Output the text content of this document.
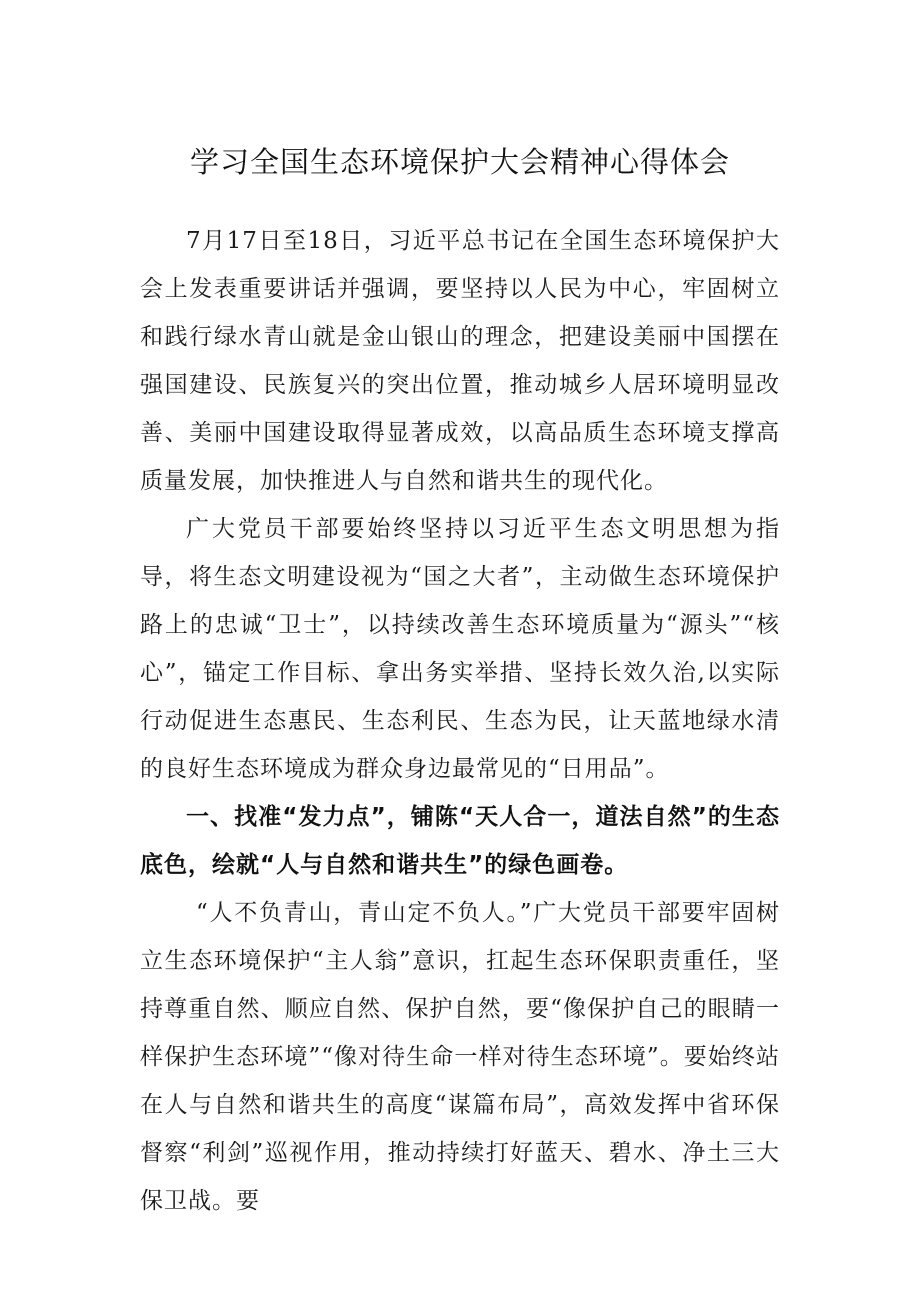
学习全国生态环境保护大会精神心得体会

7月17日至18日，习近平总书记在全国生态环境保护大会上发表重要讲话并强调，要坚持以人民为中心，牢固树立和践行绿水青山就是金山银山的理念，把建设美丽中国摆在强国建设、民族复兴的突出位置，推动城乡人居环境明显改善、美丽中国建设取得显著成效，以高品质生态环境支撑高质量发展，加快推进人与自然和谐共生的现代化。

广大党员干部要始终坚持以习近平生态文明思想为指导，将生态文明建设视为“国之大者”，主动做生态环境保护路上的忠诚“卫士”，以持续改善生态环境质量为“源头”“核心”，锚定工作目标、拿出务实举措、坚持长效久治,以实际行动促进生态惠民、生态利民、生态为民，让天蓝地绿水清的良好生态环境成为群众身边最常见的“日用品”。

一、找准“发力点”，铺陈“天人合一，道法自然”的生态底色，绘就“人与自然和谐共生”的绿色画卷。

“人不负青山，青山定不负人。”广大党员干部要牢固树立生态环境保护“主人翁”意识，扛起生态环保职责重任，坚持尊重自然、顺应自然、保护自然，要“像保护自己的眼睛一样保护生态环境”“像对待生命一样对待生态环境”。要始终站在人与自然和谐共生的高度“谋篇布局”，高效发挥中省环保督察“利剑”巡视作用，推动持续打好蓝天、碧水、净土三大保卫战。要
